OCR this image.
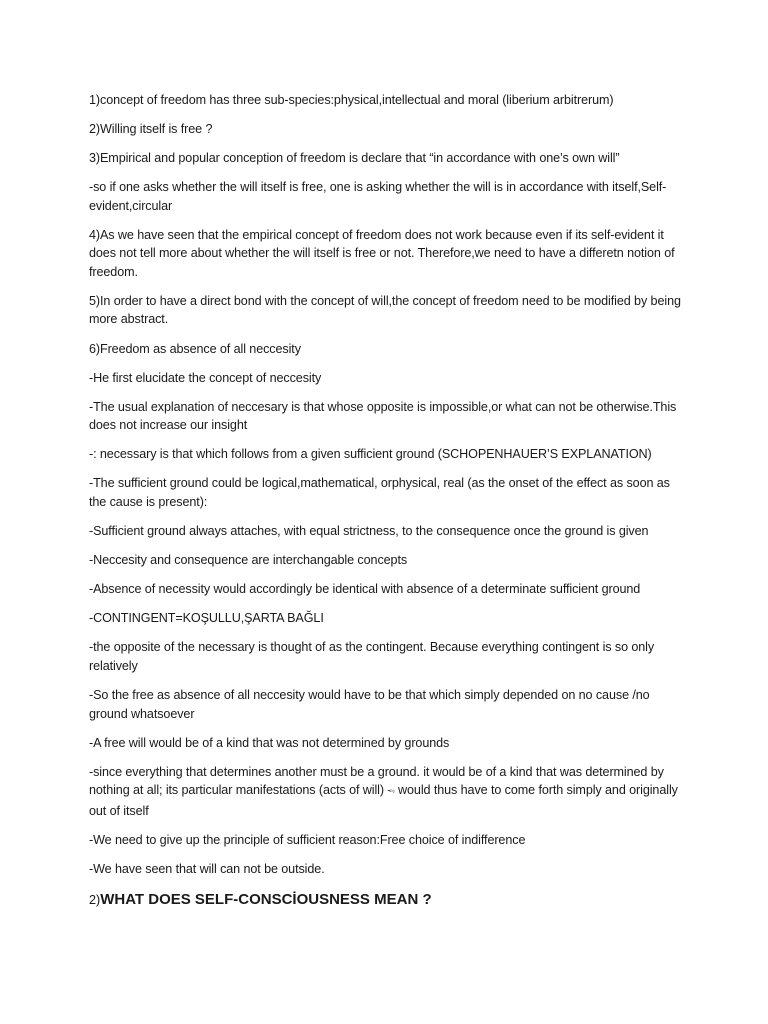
1)concept of freedom has three sub-species:physical,intellectual and moral (liberium arbitrerum)

2)Willing itself is free ?

3)Empirical and popular conception of freedom is declare that “in accordance with one’s own will”

-so if one asks whether the will itself is free, one is asking whether the will is in accordance with itself,Self-evident,circular

4)As we have seen that the empirical concept of freedom does not work because even if its self-evident it does not tell more about whether the will itself is free or not. Therefore,we need to have a differetn notion of freedom.

5)In order to have a direct bond with the concept of will,the concept of freedom need to be modified by being more abstract.

6)Freedom as absence of all neccesity

-He first elucidate the concept of neccesity

-The usual explanation of neccesary is that whose opposite is impossible,or what can not be otherwise.This does not increase our insight

-: necessary is that which follows from a given sufficient ground (SCHOPENHAUER’S EXPLANATION)

-The sufficient ground could be logical,mathematical, orphysical, real (as the onset of the effect as soon as the cause is present):

-Sufficient ground always attaches, with equal strictness, to the consequence once the ground is given

-Neccesity and consequence are interchangable concepts

-Absence of necessity would accordingly be identical with absence of a determinate sufficient ground

-CONTINGENT=KOŞULLU,ŞARTA BAĞLI

-the opposite of the necessary is thought of as the contingent. Because everything contingent is so only relatively

-So the free as absence of all neccesity would have to be that which simply depended on no cause /no ground whatsoever

-A free will would be of a kind that was not determined by grounds

-since everything that determines another must be a ground. it would be of a kind that was determined by nothing at all; its particular manifestations (acts of will) 🖘 would thus have to come forth simply and originally out of itself

-We need to give up the principle of sufficient reason:Free choice of indifference

-We have seen that will can not be outside.

2)WHAT DOES SELF-CONSCİOUSNESS MEAN ?
